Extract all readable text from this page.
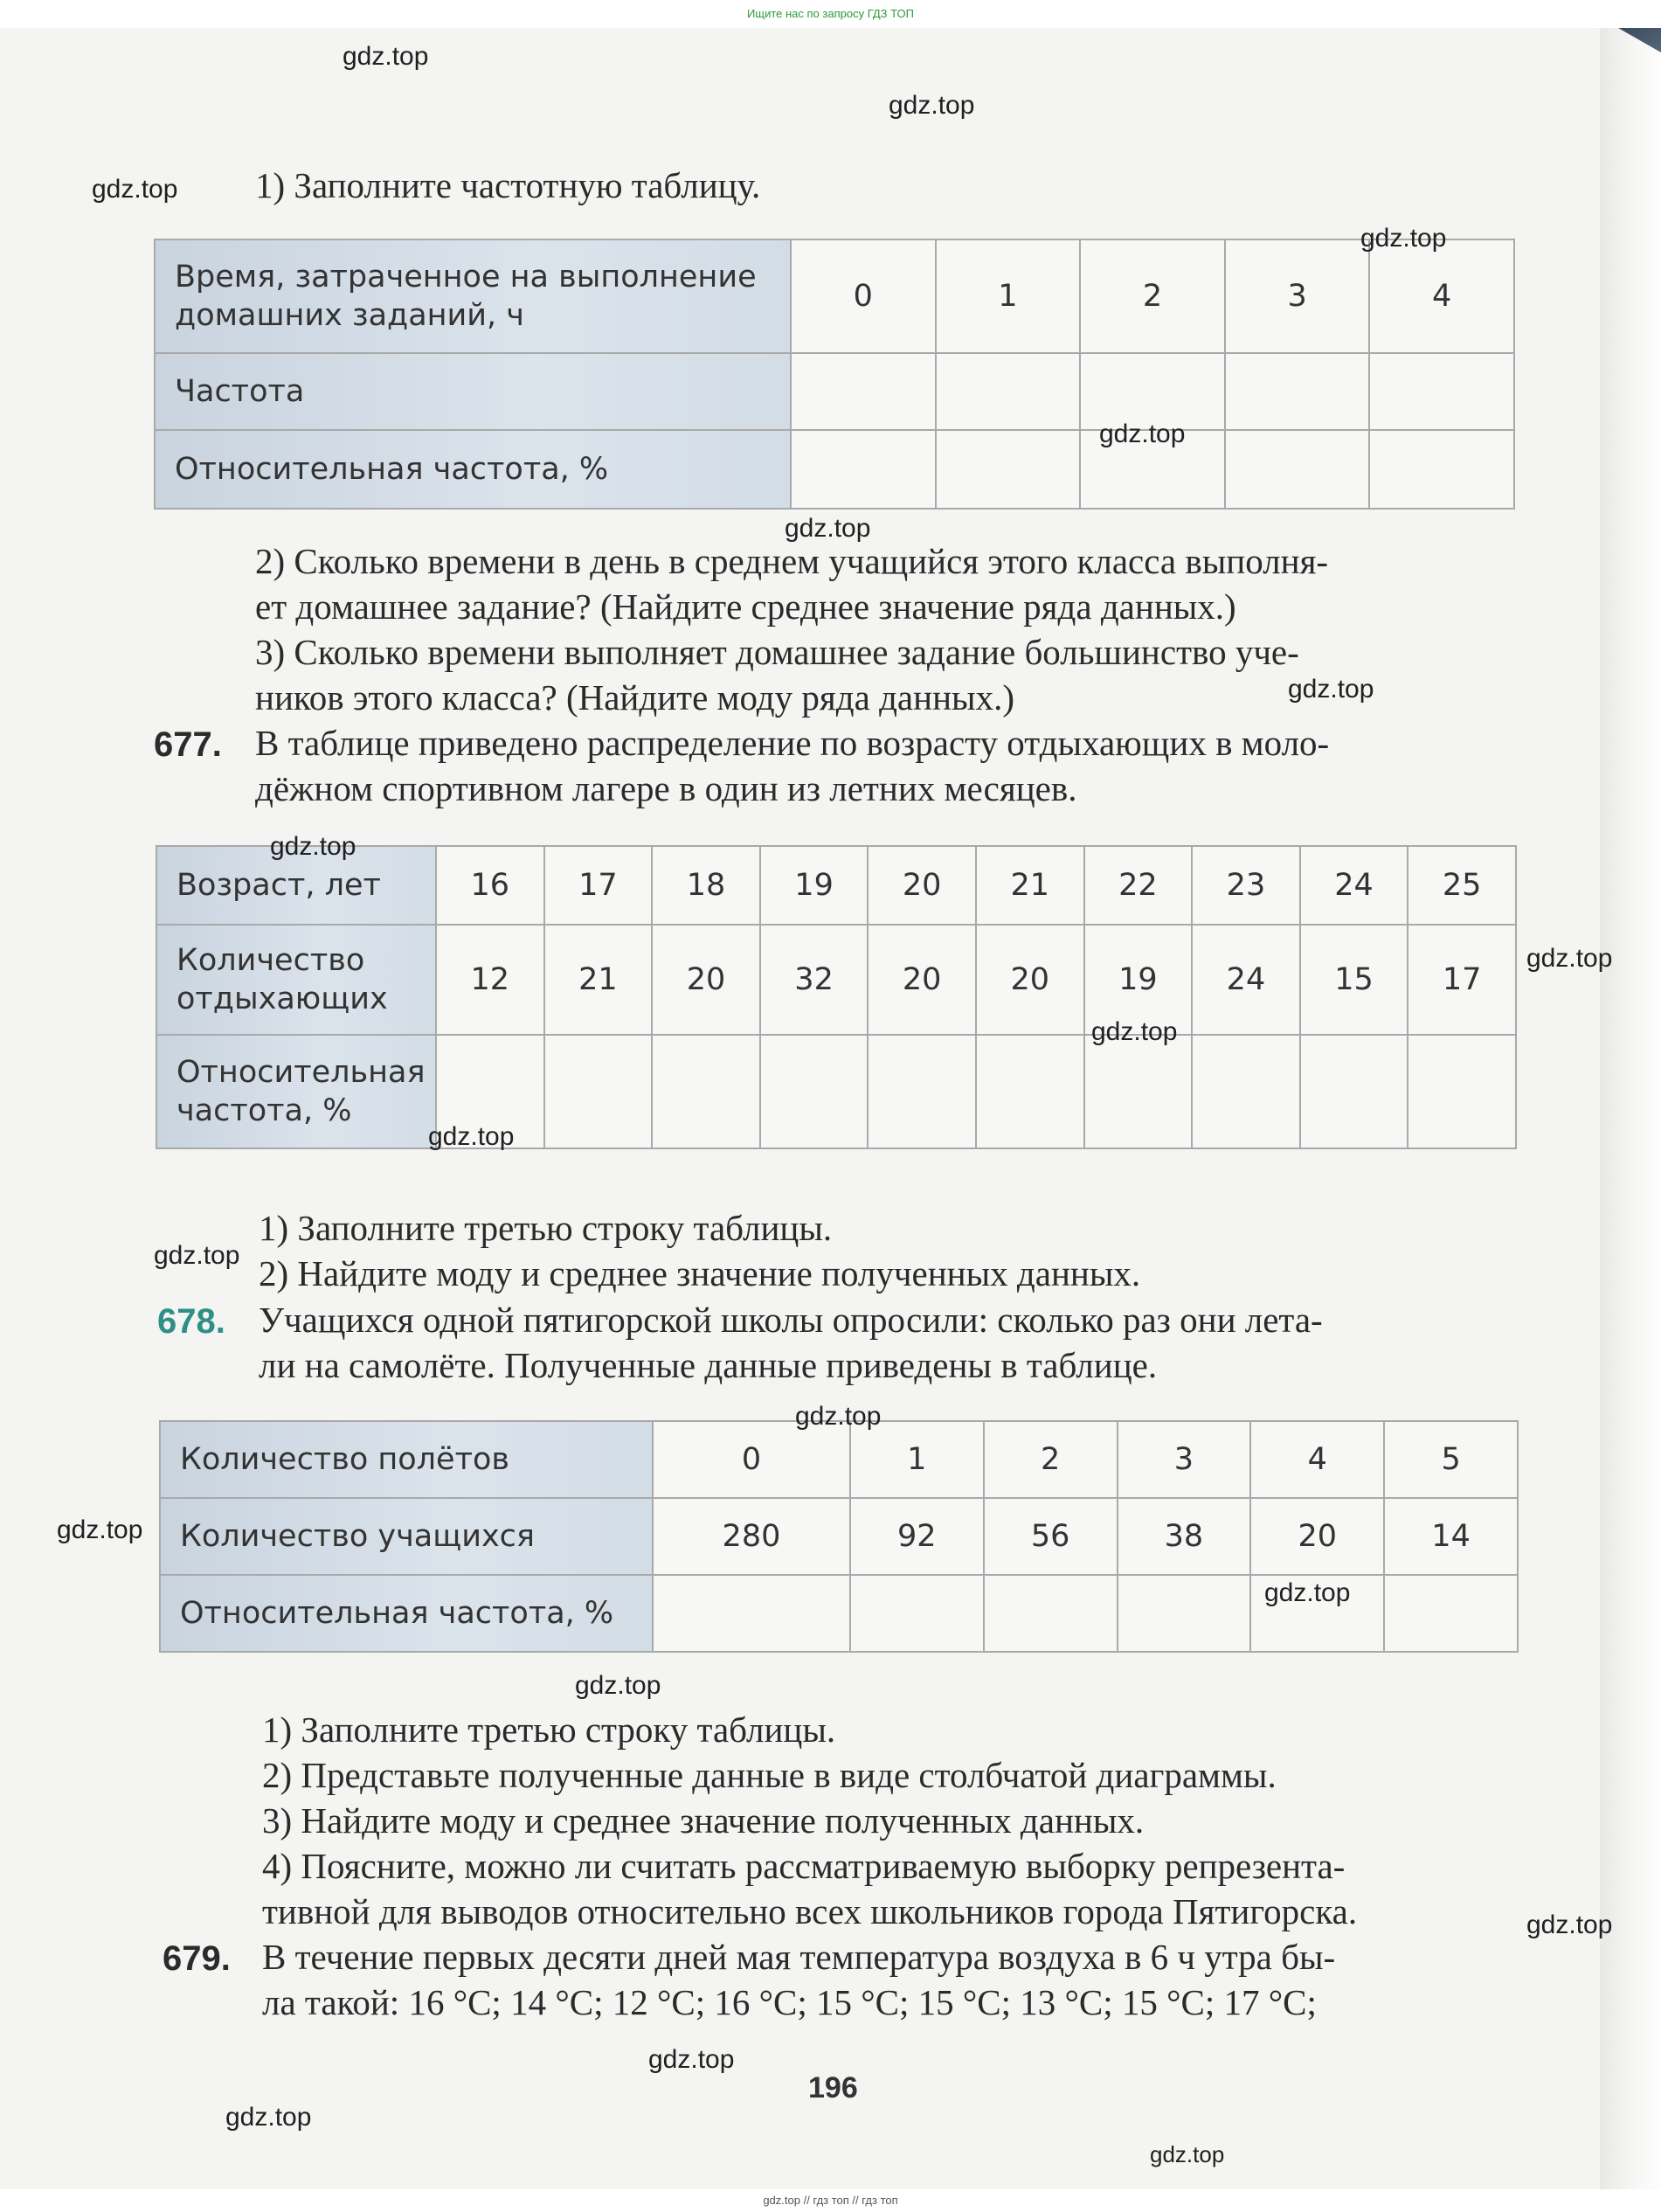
Ищите нас по запросу ГДЗ ТОП
1) Заполните частотную таблицу.
Время, затраченное на выполнение
домашних заданий, ч	0	1	2	3	4
Частота					
Относительная частота, %					
2) Сколько времени в день в среднем учащийся этого класса выполня-
ет домашнее задание? (Найдите среднее значение ряда данных.)
3) Сколько времени выполняет домашнее задание большинство уче-
ников этого класса? (Найдите моду ряда данных.)
677. В таблице приведено распределение по возрасту отдыхающих в моло-
дёжном спортивном лагере в один из летних месяцев.
Возраст, лет	16	17	18	19	20	21	22	23	24	25

Количество
отдыхающих	12	21	20	32	20	20	19	24	15	17

Относительная
частота, %										

1) Заполните третью строку таблицы.
2) Найдите моду и среднее значение полученных данных.
678. Учащихся одной пятигорской школы опросили: сколько раз они лета-
ли на самолёте. Полученные данные приведены в таблице.
Количество полётов	0	1	2	3	4	5
Количество учащихся	280	92	56	38	20	14
Относительная частота, %						
1) Заполните третью строку таблицы.
2) Представьте полученные данные в виде столбчатой диаграммы.
3) Найдите моду и среднее значение полученных данных.
4) Поясните, можно ли считать рассматриваемую выборку репрезента-
тивной для выводов относительно всех школьников города Пятигорска.
679. В течение первых десяти дней мая температура воздуха в 6 ч утра бы-
ла такой: 16 °С; 14 °С; 12 °С; 16 °С; 15 °С; 15 °С; 13 °С; 15 °С; 17 °С;
196
gdz.top
gdz.top
gdz.top
gdz.top
gdz.top
gdz.top
gdz.top
gdz.top
gdz.top
gdz.top
gdz.top
gdz.top
gdz.top
gdz.top
gdz.top
gdz.top
gdz.top
gdz.top
gdz.top
gdz.top
gdz.top // гдз топ // гдз топ
